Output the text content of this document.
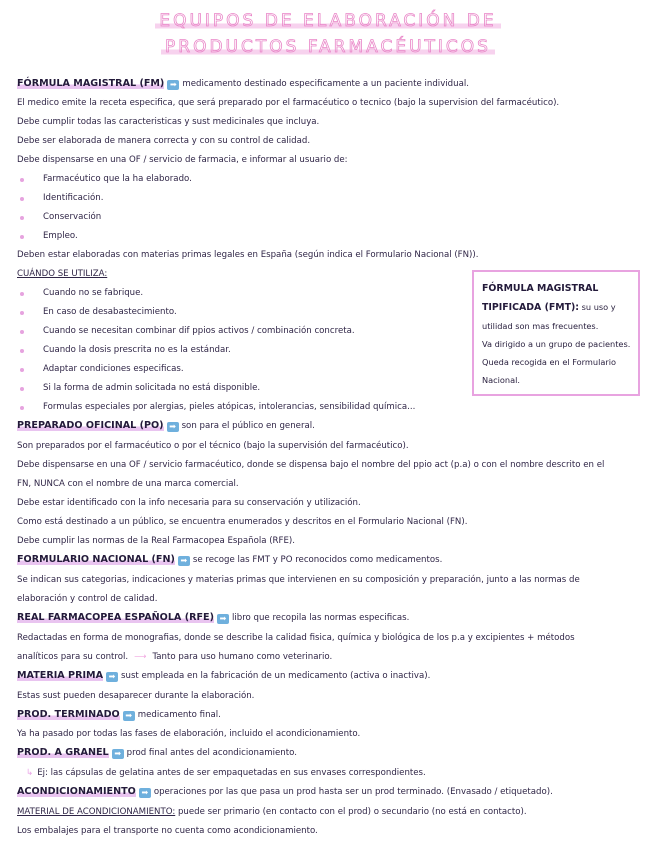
EQUIPOS DE ELABORACIÓN DE
PRODUCTOS FARMACÉUTICOS
FÓRMULA MAGISTRAL (FM) ➡ medicamento destinado especificamente a un paciente individual.
El medico emite la receta especifica, que será preparado por el farmacéutico o tecnico (bajo la supervision del farmacéutico).
Debe cumplir todas las caracteristicas y sust medicinales que incluya.
Debe ser elaborada de manera correcta y con su control de calidad.
Debe dispensarse en una OF / servicio de farmacia, e informar al usuario de:
Farmacéutico que la ha elaborado.
Identificación.
Conservación
Empleo.
Deben estar elaboradas con materias primas legales en España (según indica el Formulario Nacional (FN)).
CUÁNDO SE UTILIZA:
Cuando no se fabrique.
En caso de desabastecimiento.
Cuando se necesitan combinar dif ppios activos / combinación concreta.
Cuando la dosis prescrita no es la estándar.
Adaptar condiciones especificas.
Si la forma de admin solicitada no está disponible.
Formulas especiales por alergias, pieles atópicas, intolerancias, sensibilidad química...
FÓRMULA MAGISTRAL
TIPIFICADA (FMT): su uso y
utilidad son mas frecuentes.
Va dirigido a un grupo de pacientes.
Queda recogida en el Formulario
Nacional.
PREPARADO OFICINAL (PO) ➡ son para el público en general.
Son preparados por el farmacéutico o por el técnico (bajo la supervisión del farmacéutico).
Debe dispensarse en una OF / servicio farmacéutico, donde se dispensa bajo el nombre del ppio act (p.a) o con el nombre descrito en el
FN, NUNCA con el nombre de una marca comercial.
Debe estar identificado con la info necesaria para su conservación y utilización.
Como está destinado a un público, se encuentra enumerados y descritos en el Formulario Nacional (FN).
Debe cumplir las normas de la Real Farmacopea Española (RFE).
FORMULARIO NACIONAL (FN) ➡ se recoge las FMT y PO reconocidos como medicamentos.
Se indican sus categorias, indicaciones y materias primas que intervienen en su composición y preparación, junto a las normas de
elaboración y control de calidad.
REAL FARMACOPEA ESPAÑOLA (RFE) ➡ libro que recopila las normas especificas.
Redactadas en forma de monografias, donde se describe la calidad fisica, química y biológica de los p.a y excipientes + métodos
analíticos para su control. ⟶ Tanto para uso humano como veterinario.
MATERIA PRIMA ➡ sust empleada en la fabricación de un medicamento (activa o inactiva).
Estas sust pueden desaparecer durante la elaboración.
PROD. TERMINADO ➡ medicamento final.
Ya ha pasado por todas las fases de elaboración, incluido el acondicionamiento.
PROD. A GRANEL ➡ prod final antes del acondicionamiento.
↳ Ej: las cápsulas de gelatina antes de ser empaquetadas en sus envases correspondientes.
ACONDICIONAMIENTO ➡ operaciones por las que pasa un prod hasta ser un prod terminado. (Envasado / etiquetado).
MATERIAL DE ACONDICIONAMIENTO: puede ser primario (en contacto con el prod) o secundario (no está en contacto).
Los embalajes para el transporte no cuenta como acondicionamiento.
